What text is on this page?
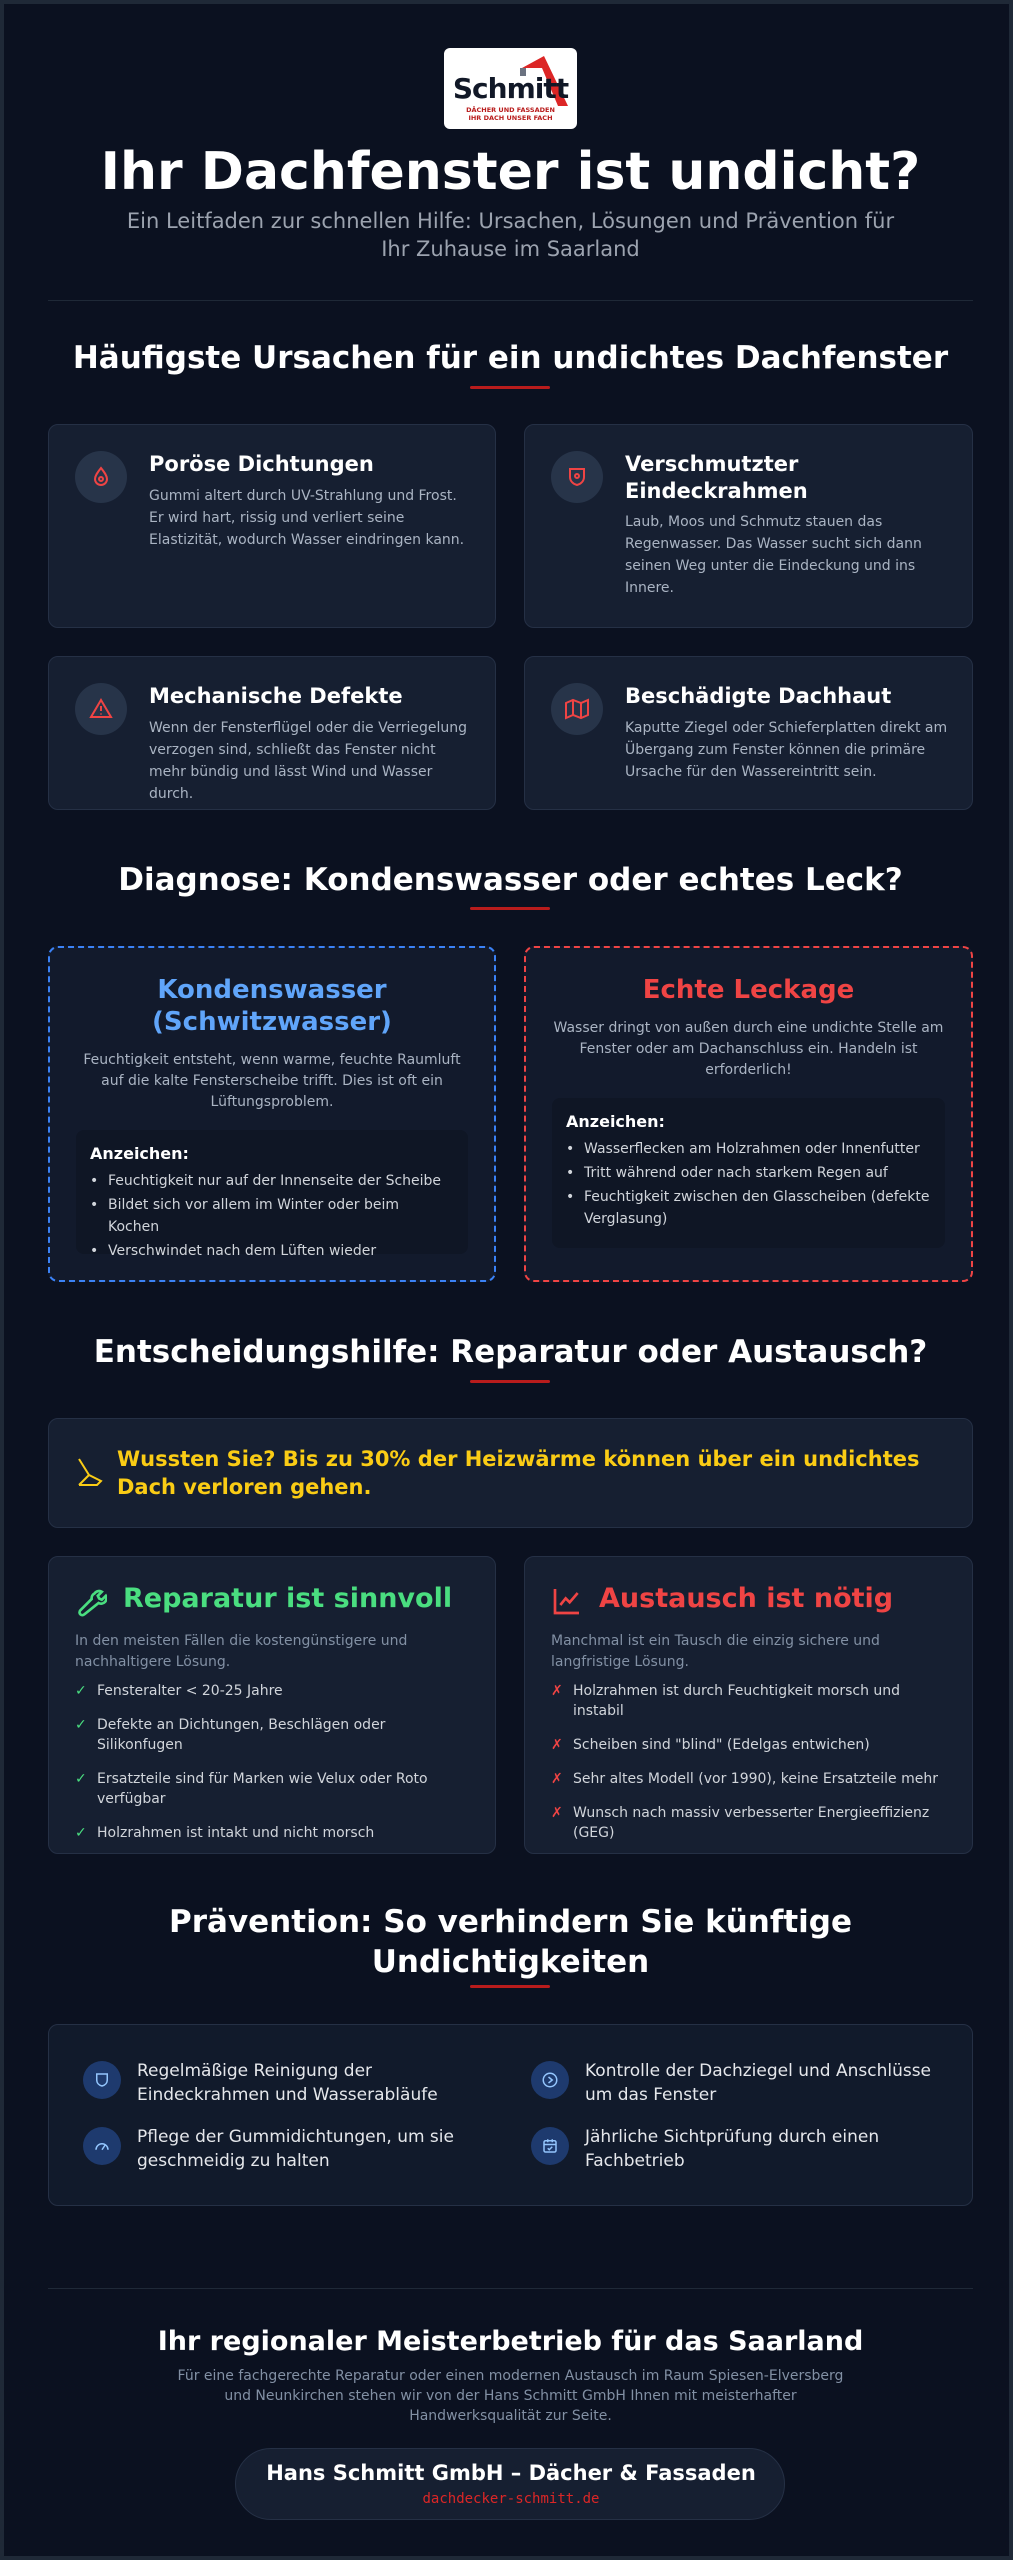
Schmitt
DÄCHER UND FASSADEN
IHR DACH UNSER FACH
Ihr Dachfenster ist undicht?
Ein Leitfaden zur schnellen Hilfe: Ursachen, Lösungen und Prävention für Ihr Zuhause im Saarland
Häufigste Ursachen für ein undichtes Dachfenster
Poröse Dichtungen
Gummi altert durch UV-Strahlung und Frost. Er wird hart, rissig und verliert seine Elastizität, wodurch Wasser eindringen kann.
Verschmutzter Eindeckrahmen
Laub, Moos und Schmutz stauen das Regenwasser. Das Wasser sucht sich dann seinen Weg unter die Eindeckung und ins Innere.
Mechanische Defekte
Wenn der Fensterflügel oder die Verriegelung verzogen sind, schließt das Fenster nicht mehr bündig und lässt Wind und Wasser durch.
Beschädigte Dachhaut
Kaputte Ziegel oder Schieferplatten direkt am Übergang zum Fenster können die primäre Ursache für den Wassereintritt sein.
Diagnose: Kondenswasser oder echtes Leck?
Kondenswasser (Schwitzwasser)
Feuchtigkeit entsteht, wenn warme, feuchte Raumluft auf die kalte Fensterscheibe trifft. Dies ist oft ein Lüftungsproblem.
Anzeichen:
• Feuchtigkeit nur auf der Innenseite der Scheibe
• Bildet sich vor allem im Winter oder beim Kochen
• Verschwindet nach dem Lüften wieder
Echte Leckage
Wasser dringt von außen durch eine undichte Stelle am Fenster oder am Dachanschluss ein. Handeln ist erforderlich!
Anzeichen:
• Wasserflecken am Holzrahmen oder Innenfutter
• Tritt während oder nach starkem Regen auf
• Feuchtigkeit zwischen den Glasscheiben (defekte Verglasung)
Entscheidungshilfe: Reparatur oder Austausch?
Wussten Sie? Bis zu 30% der Heizwärme können über ein undichtes Dach verloren gehen.
Reparatur ist sinnvoll
In den meisten Fällen die kostengünstigere und nachhaltigere Lösung.
✓ Fensteralter < 20-25 Jahre
✓ Defekte an Dichtungen, Beschlägen oder Silikonfugen
✓ Ersatzteile sind für Marken wie Velux oder Roto verfügbar
✓ Holzrahmen ist intakt und nicht morsch
Austausch ist nötig
Manchmal ist ein Tausch die einzig sichere und langfristige Lösung.
✗ Holzrahmen ist durch Feuchtigkeit morsch und instabil
✗ Scheiben sind "blind" (Edelgas entwichen)
✗ Sehr altes Modell (vor 1990), keine Ersatzteile mehr
✗ Wunsch nach massiv verbesserter Energieeffizienz (GEG)
Prävention: So verhindern Sie künftige Undichtigkeiten
Regelmäßige Reinigung der Eindeckrahmen und Wasserabläufe
Kontrolle der Dachziegel und Anschlüsse um das Fenster
Pflege der Gummidichtungen, um sie geschmeidig zu halten
Jährliche Sichtprüfung durch einen Fachbetrieb
Ihr regionaler Meisterbetrieb für das Saarland
Für eine fachgerechte Reparatur oder einen modernen Austausch im Raum Spiesen-Elversberg und Neunkirchen stehen wir von der Hans Schmitt GmbH Ihnen mit meisterhafter Handwerksqualität zur Seite.
Hans Schmitt GmbH – Dächer & Fassaden
dachdecker-schmitt.de
